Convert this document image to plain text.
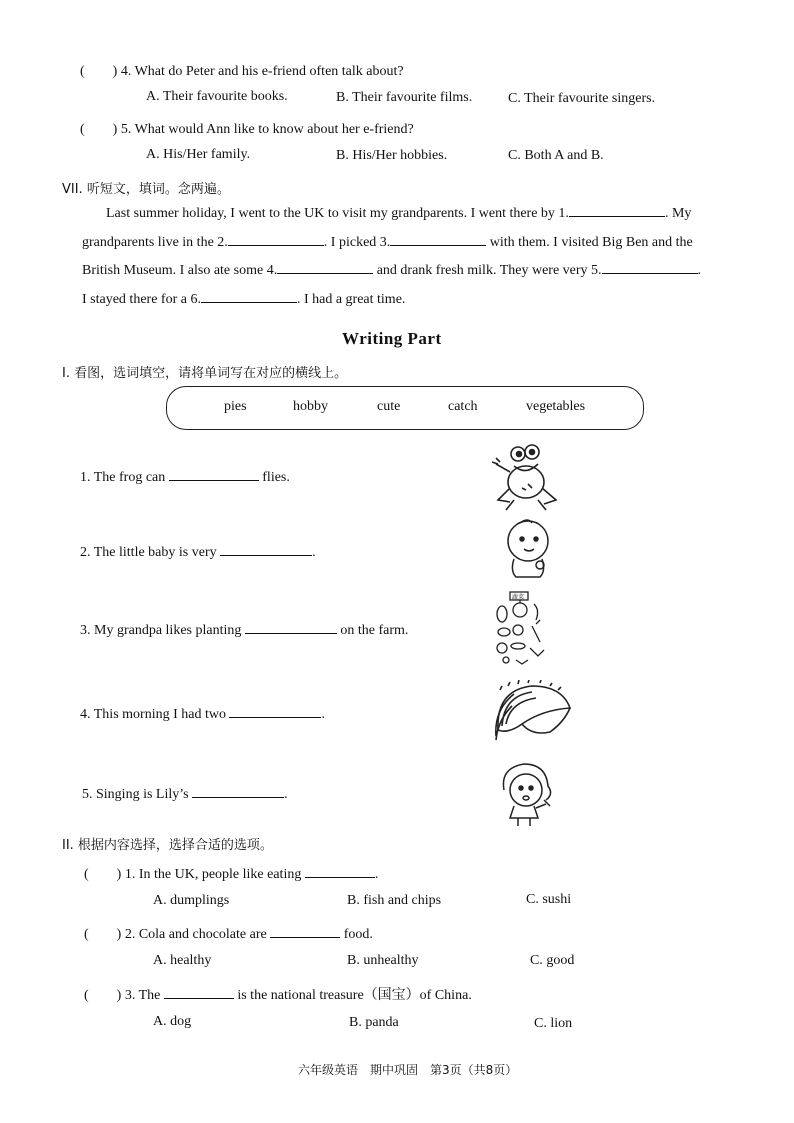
(　　) 4. What do Peter and his e-friend often talk about?
A. Their favourite books.	B. Their favourite films.	C. Their favourite singers.
(　　) 5. What would Ann like to know about her e-friend?
A. His/Her family.	B. His/Her hobbies.	C. Both A and B.
VII. 听短文，填词。念两遍。
Last summer holiday, I went to the UK to visit my grandparents. I went there by 1.	. My
grandparents live in the 2.	. I picked 3.	with them. I visited Big Ben and the
British Museum. I also ate some 4.	and drank fresh milk. They were very 5.	.
I stayed there for a 6.	. I had a great time.
Writing Part
I. 看图，选词填空，请将单词写在对应的横线上。
pies	hobby	cute	catch	vegetables
1. The frog can	flies.
2. The little baby is very	.
3. My grandpa likes planting	on the farm.
4. This morning I had two	.
5. Singing is Lily’s	.
蔬菜
II. 根据内容选择，选择合适的选项。
(　　) 1. In the UK, people like eating	.
A. dumplings	B. fish and chips	C. sushi
(　　) 2. Cola and chocolate are	food.
A. healthy	B. unhealthy	C. good
(　　) 3. The	is the national treasure（国宝）of China.
A. dog	B. panda	C. lion
六年级英语　期中巩固　第3页（共8页）
